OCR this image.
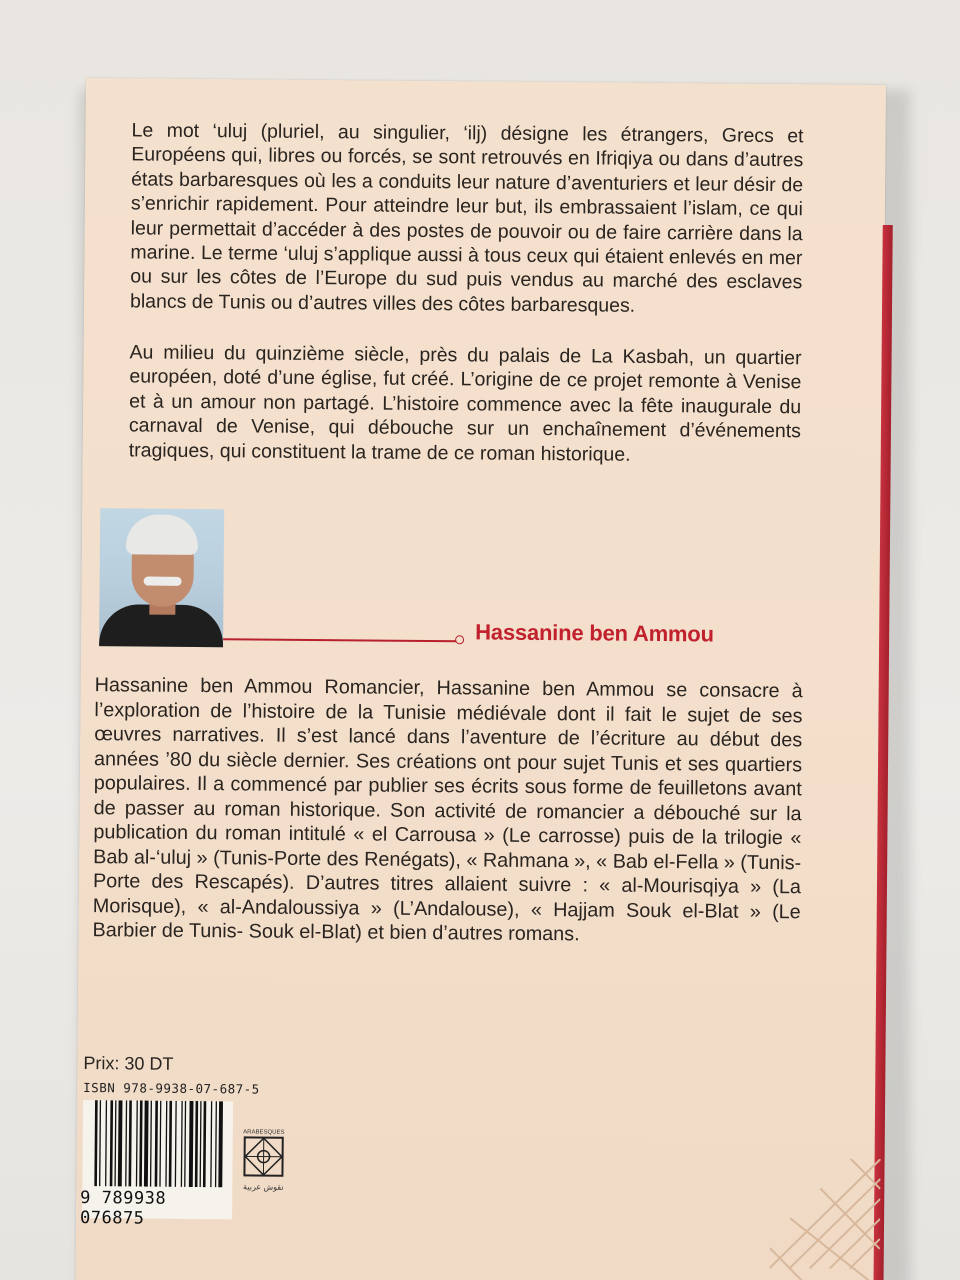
Le mot ‘uluj (pluriel, au singulier, ‘ilj) désigne les étrangers, Grecs et Européens qui, libres ou forcés, se sont retrouvés en Ifriqiya ou dans d’autres états barbaresques où les a conduits leur nature d’aventuriers et leur désir de s’enrichir rapidement. Pour atteindre leur but, ils embrassaient l’islam, ce qui leur permettait d’accéder à des postes de pouvoir ou de faire carrière dans la marine. Le terme ‘uluj s’applique aussi à tous ceux qui étaient enlevés en mer ou sur les côtes de l’Europe du sud puis vendus au marché des esclaves blancs de Tunis ou d’autres villes des côtes barbaresques.

Au milieu du quinzième siècle, près du palais de La Kasbah, un quartier européen, doté d’une église, fut créé. L’origine de ce projet remonte à Venise et à un amour non partagé. L’histoire commence avec la fête inaugurale du carnaval de Venise, qui débouche sur un enchaînement d’événements tragiques, qui constituent la trame de ce roman historique.

Hassanine ben Ammou

Hassanine ben Ammou Romancier, Hassanine ben Ammou se consacre à l’exploration de l’histoire de la Tunisie médiévale dont il fait le sujet de ses œuvres narratives. Il s’est lancé dans l’aventure de l’écriture au début des années ’80 du siècle dernier. Ses créations ont pour sujet Tunis et ses quartiers populaires. Il a commencé par publier ses écrits sous forme de feuilletons avant de passer au roman historique. Son activité de romancier a débouché sur la publication du roman intitulé « el Carrousa » (Le carrosse) puis de la trilogie « Bab al-‘uluj » (Tunis-Porte des Renégats), « Rahmana », « Bab el-Fella » (Tunis- Porte des Rescapés). D’autres titres allaient suivre : « al-Mourisqiya » (La Morisque), « al-Andaloussiya » (L’Andalouse), « Hajjam Souk el-Blat » (Le Barbier de Tunis- Souk el-Blat) et bien d’autres romans.

Prix: 30 DT
ISBN 978-9938-07-687-5
9 789938 076875
ARABESQUES
نقوش عربية
